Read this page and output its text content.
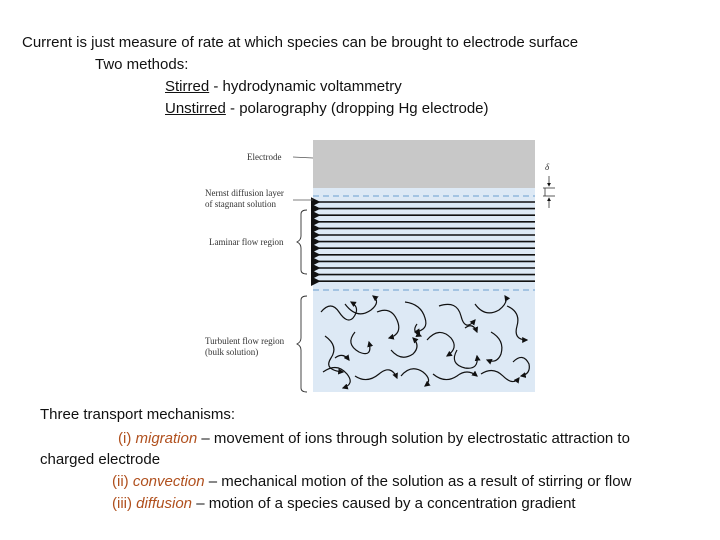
Current is just measure of rate at which species can be brought to electrode surface
Two methods:
Stirred - hydrodynamic voltammetry
Unstirred - polarography (dropping Hg electrode)
Electrode
Nernst diffusion layer
of stagnant solution
Laminar flow region
Turbulent flow region
(bulk solution)
δ
Three transport mechanisms:
(i) migration – movement of ions through solution by electrostatic attraction to
charged electrode
(ii) convection – mechanical motion of the solution as a result of stirring or flow
(iii) diffusion – motion of a species caused by a concentration gradient
